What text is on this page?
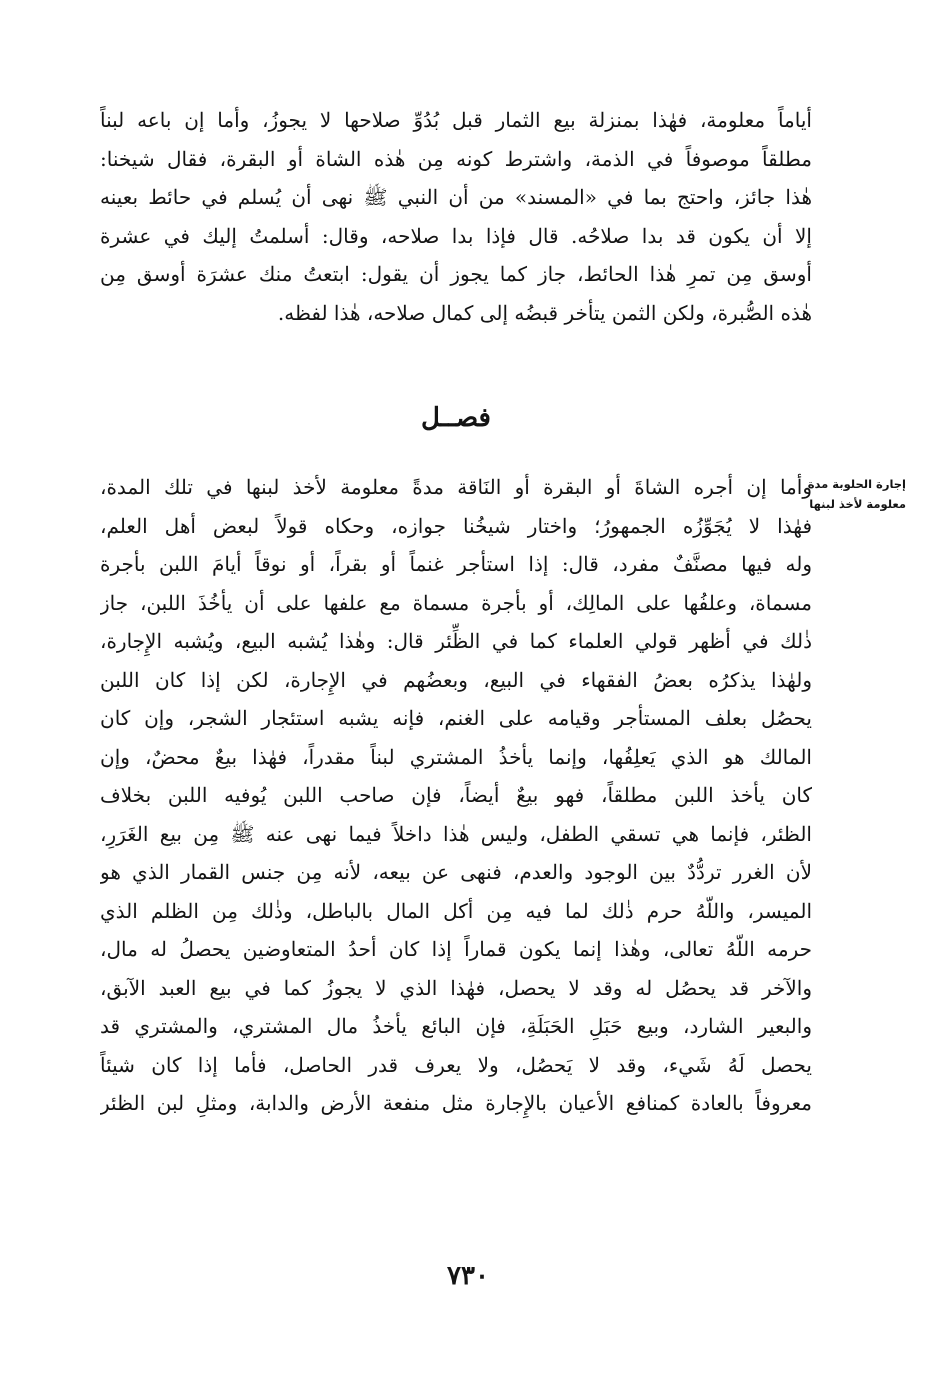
أياماً معلومة، فهٰذا بمنزلة بيع الثمار قبل بُدُوِّ صلاحها لا يجوزُ، وأما إن باعه لبناً
مطلقاً موصوفاً في الذمة، واشترط كونه مِن هٰذه الشاة أو البقرة، فقال شيخنا:
هٰذا جائز، واحتج بما في «المسند» من أن النبي ﷺ نهى أن يُسلم في حائط بعينه
إلا أن يكون قد بدا صلاحُه. قال فإذا بدا صلاحه، وقال: أسلمتُ إليك في عشرة
أوسق مِن تمرِ هٰذا الحائط، جاز كما يجوز أن يقول: ابتعتُ منك عشرَة أوسق مِن
هٰذه الصُّبرة، ولكن الثمن يتأخر قبضُه إلى كمال صلاحه، هٰذا لفظه.
فصــل
إجارة الحلوبة مدة
معلومة لأخذ لبنها
وأما إن أجره الشاةَ أو البقرة أو النَاقة مدةً معلومة لأخذ لبنها في تلك المدة،
فهٰذا لا يُجَوِّزُه الجمهورُ؛ واختار شيخُنا جوازه، وحكاه قولاً لبعض أهل العلم،
وله فيها مصنَّفٌ مفرد، قال: إذا استأجر غنماً أو بقراً، أو نوقاً أيامَ اللبن بأجرة
مسماة، وعلفُها على المالِك، أو بأجرة مسماة مع علفها على أن يأخُذَ اللبن، جاز
ذٰلك في أظهر قولي العلماء كما في الظِّئر قال: وهٰذا يُشبه البيع، ويُشبه الإِجارة،
ولهٰذا يذكرُه بعضُ الفقهاء في البيع، وبعضُهم في الإِجارة، لكن إذا كان اللبن
يحصُل بعلف المستأجر وقيامه على الغنم، فإنه يشبه استئجار الشجر، وإن كان
المالك هو الذي يَعلِفُها، وإنما يأخذُ المشتري لبناً مقدراً، فهٰذا بيعٌ محضٌ، وإن
كان يأخذ اللبن مطلقاً، فهو بيعٌ أيضاً، فإن صاحب اللبن يُوفيه اللبن بخلاف
الظئر، فإنما هي تسقي الطفل، وليس هٰذا داخلاً فيما نهى عنه ﷺ مِن بيع الغَرَرِ،
لأن الغرر تردُّدٌ بين الوجود والعدم، فنهى عن بيعه، لأنه مِن جنس القمار الذي هو
الميسر، واللّهُ حرم ذٰلك لما فيه مِن أكل المال بالباطل، وذٰلك مِن الظلم الذي
حرمه اللّهُ تعالى، وهٰذا إنما يكون قماراً إذا كان أحدُ المتعاوضين يحصلُ له مال،
والآخر قد يحصُل له وقد لا يحصل، فهٰذا الذي لا يجوزُ كما في بيع العبد الآبق،
والبعير الشارد، وبيع حَبَلِ الحَبَلَةِ، فإن البائع يأخذُ مال المشتري، والمشتري قد
يحصل لَهُ شَيء، وقد لا يَحصُل، ولا يعرف قدر الحاصل، فأما إذا كان شيئاً
معروفاً بالعادة كمنافع الأعيان بالإِجارة مثل منفعة الأرض والدابة، ومثلِ لبن الظئر
٧٣٠
